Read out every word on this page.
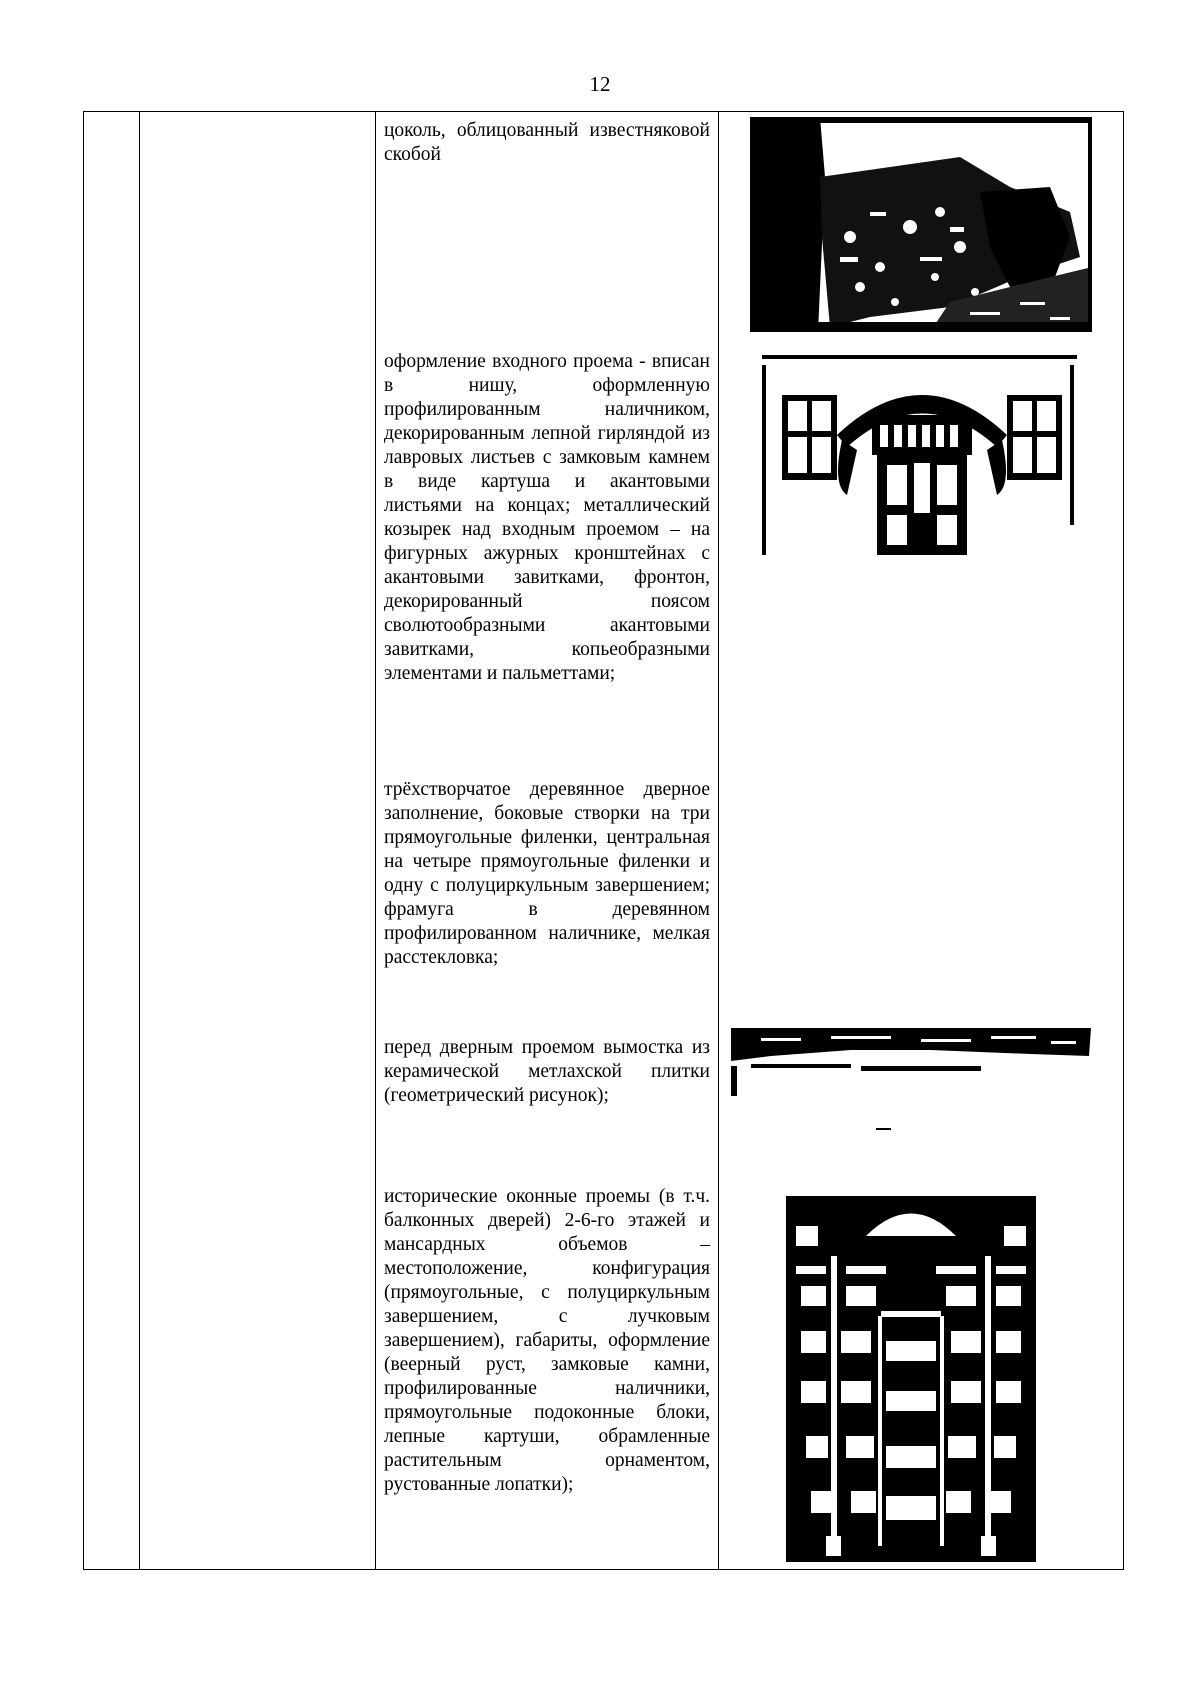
12
цоколь, облицованный известняковой скобой
оформление входного проема - вписан в нишу, оформленную профилированным наличником, декорированным лепной гирляндой из лавровых листьев с замковым камнем в виде картуша и акантовыми листьями на концах; металлический козырек над входным проемом – на фигурных ажурных кронштейнах с акантовыми завитками, фронтон, декорированный поясом сволютообразными акантовыми завитками, копьеобразными элементами и пальметтами;
трёхстворчатое деревянное дверное заполнение, боковые створки на три прямоугольные филенки, центральная на четыре прямоугольные филенки и одну с полуциркульным завершением; фрамуга в деревянном профилированном наличнике, мелкая расстекловка;
перед дверным проемом вымостка из керамической метлахской плитки (геометрический рисунок);
исторические оконные проемы (в т.ч. балконных дверей) 2-6-го этажей и мансардных объемов – местоположение, конфигурация (прямоугольные, с полуциркульным завершением, с лучковым завершением), габариты, оформление (веерный руст, замковые камни, профилированные наличники, прямоугольные подоконные блоки, лепные картуши, обрамленные растительным орнаментом, рустованные лопатки);
